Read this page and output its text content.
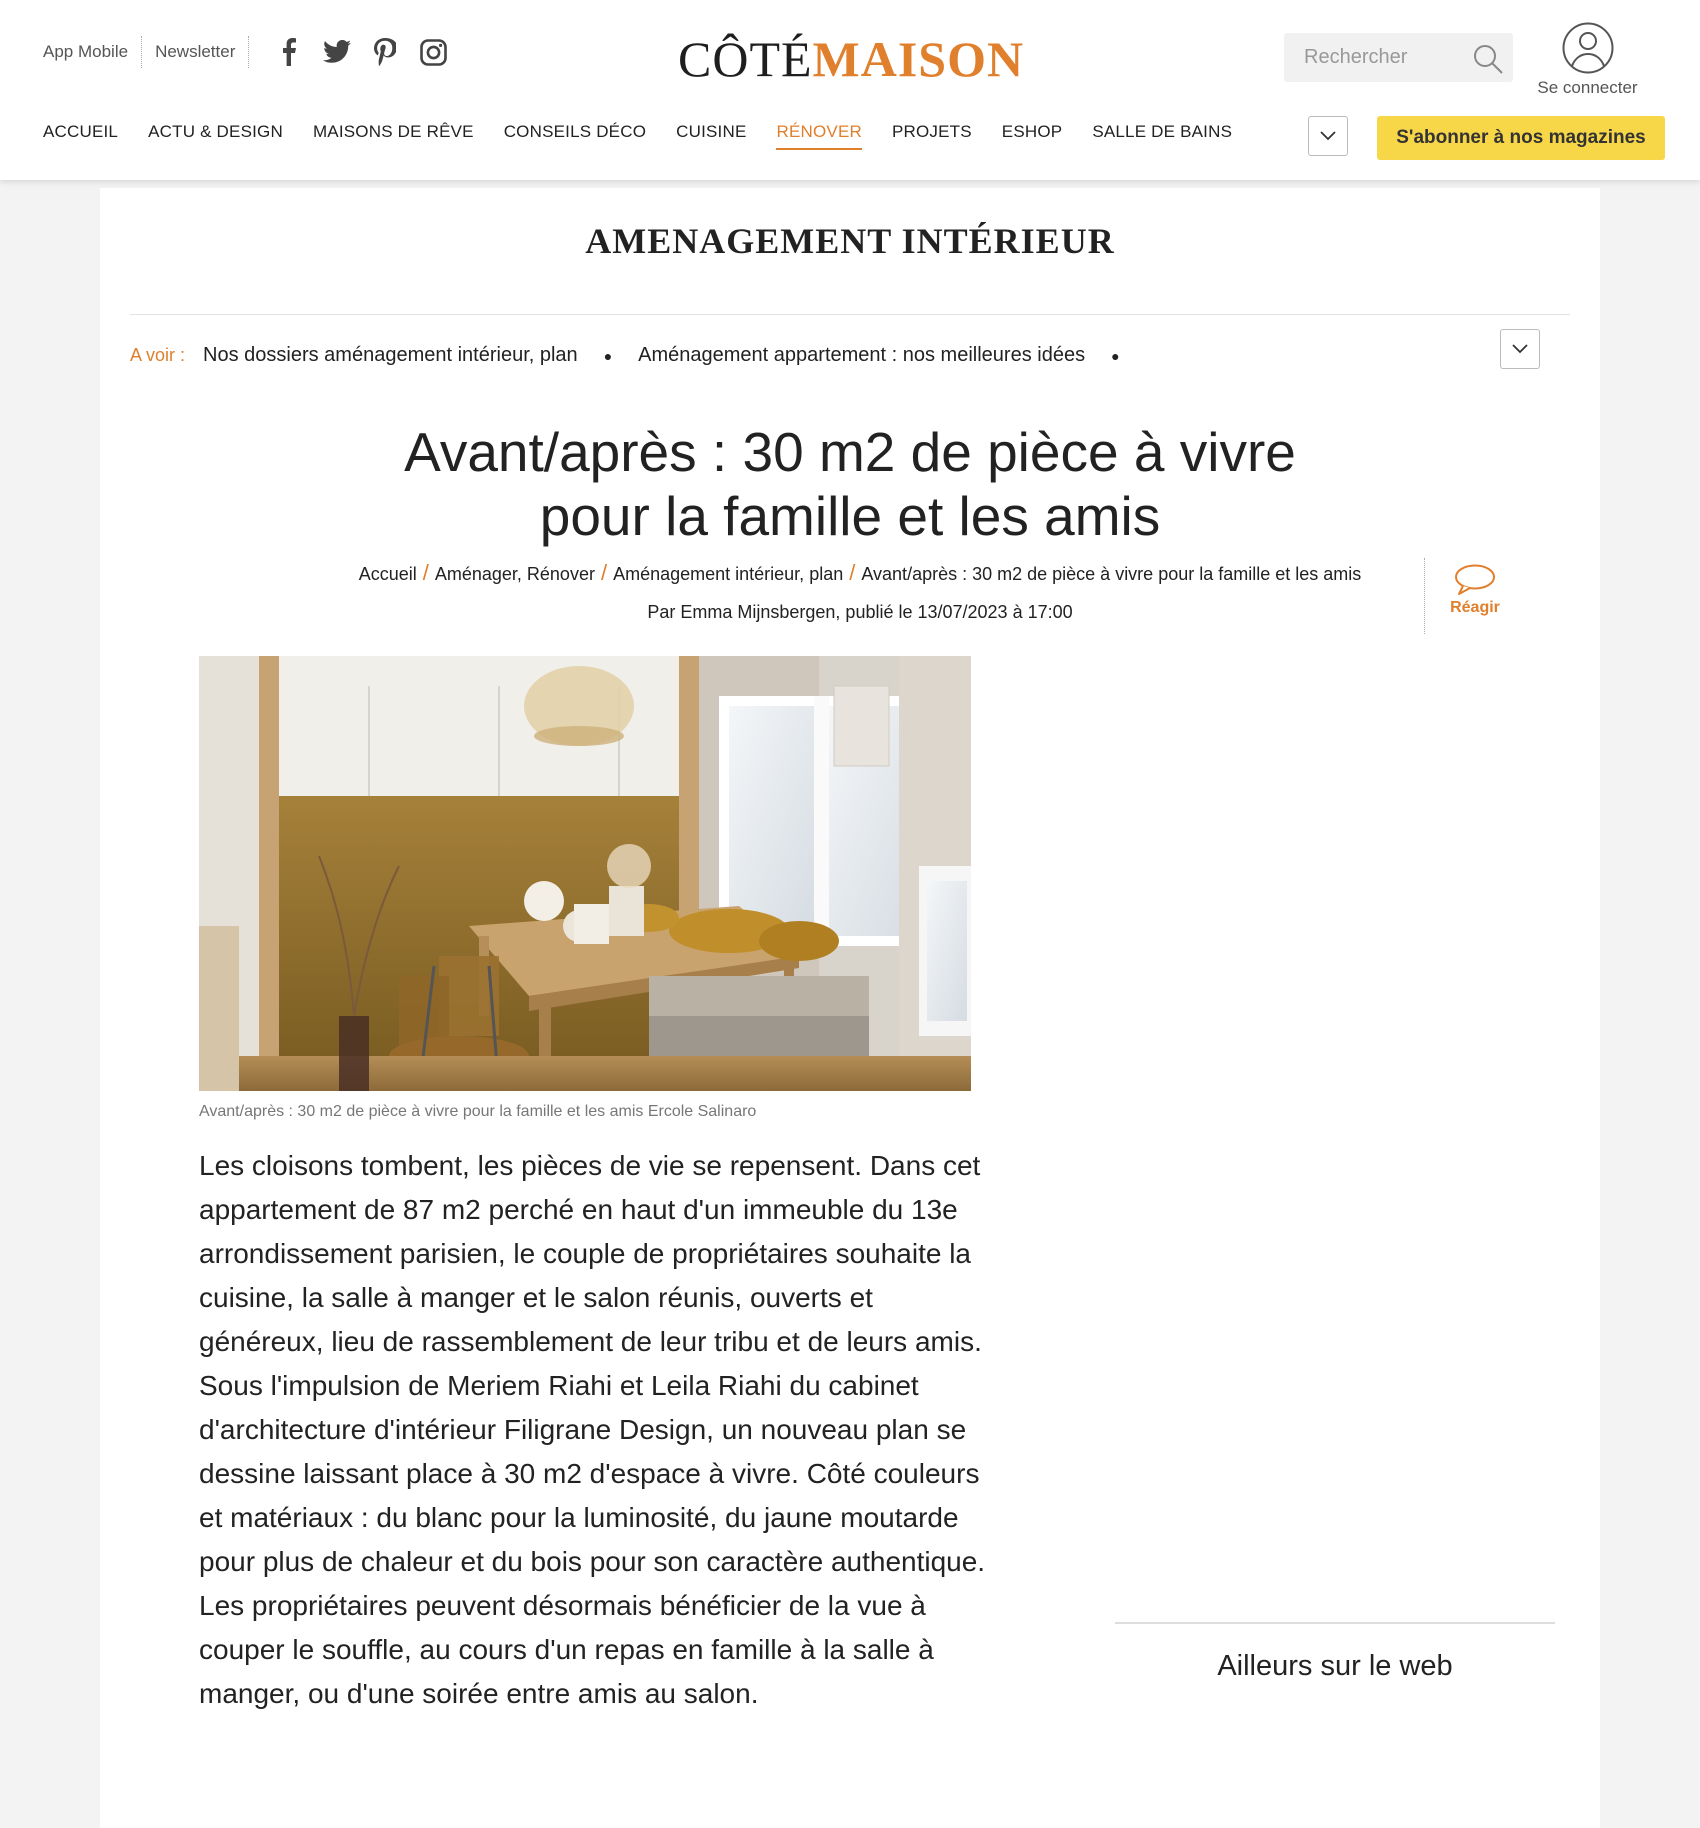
App Mobile	Newsletter	CÔTÉMAISON
Rechercher
Se connecter
ACCUEIL ACTU & DESIGN MAISONS DE RÊVE CONSEILS DÉCO CUISINE RÉNOVER PROJETS ESHOP SALLE DE BAINS	S'abonner à nos magazines
AMENAGEMENT INTÉRIEUR
A voir : Nos dossiers aménagement intérieur, plan ● Aménagement appartement : nos meilleures idées ●
Avant/après : 30 m2 de pièce à vivre pour la famille et les amis
Accueil / Aménager, Rénover / Aménagement intérieur, plan / Avant/après : 30 m2 de pièce à vivre pour la famille et les amis
Par Emma Mijnsbergen, publié le 13/07/2023 à 17:00	Réagir
Avant/après : 30 m2 de pièce à vivre pour la famille et les amis Ercole Salinaro

Les cloisons tombent, les pièces de vie se repensent. Dans cet appartement de 87 m2 perché en haut d'un immeuble du 13e arrondissement parisien, le couple de propriétaires souhaite la cuisine, la salle à manger et le salon réunis, ouverts et généreux, lieu de rassemblement de leur tribu et de leurs amis. Sous l'impulsion de Meriem Riahi et Leila Riahi du cabinet d'architecture d'intérieur Filigrane Design, un nouveau plan se dessine laissant place à 30 m2 d'espace à vivre. Côté couleurs et matériaux : du blanc pour la luminosité, du jaune moutarde pour plus de chaleur et du bois pour son caractère authentique. Les propriétaires peuvent désormais bénéficier de la vue à couper le souffle, au cours d'un repas en famille à la salle à manger, ou d'une soirée entre amis au salon.

Ailleurs sur le web
